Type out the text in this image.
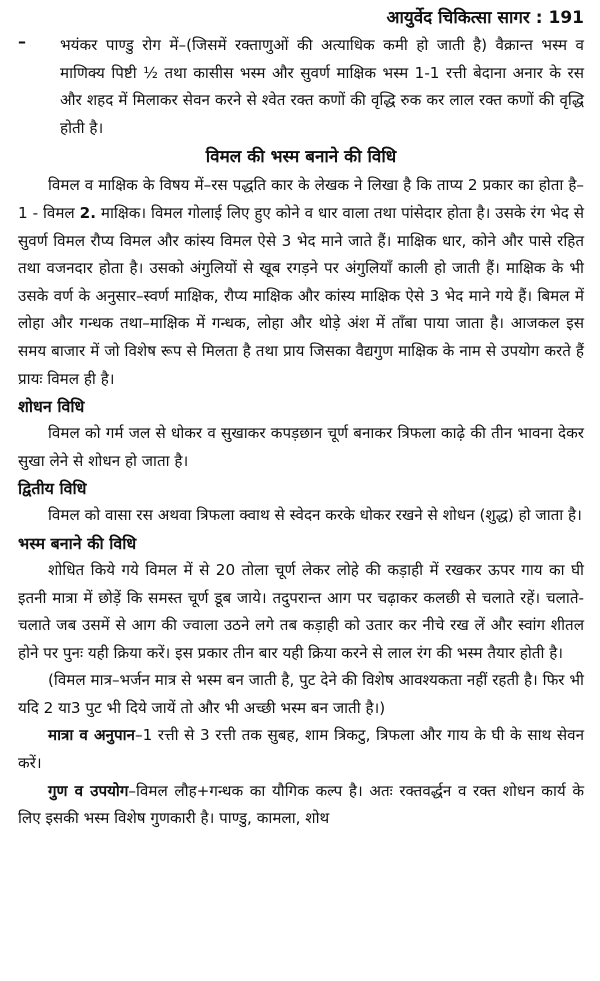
आयुर्वेद चिकित्सा सागर : 191
–	भयंकर पाण्डु रोग में–(जिसमें रक्ताणुओं की अत्याधिक कमी हो जाती है) वैक्रान्त भस्म व माणिक्य पिष्टी ½ तथा कासीस भस्म और सुवर्ण माक्षिक भस्म 1-1 रत्ती बेदाना अनार के रस और शहद में मिलाकर सेवन करने से श्वेत रक्त कणों की वृद्धि रुक कर लाल रक्त कणों की वृद्धि होती है।

विमल की भस्म बनाने की विधि

विमल व माक्षिक के विषय में–रस पद्धति कार के लेखक ने लिखा है कि ताप्य 2 प्रकार का होता है–1 - विमल 2. माक्षिक। विमल गोलाई लिए हुए कोने व धार वाला तथा पांसेदार होता है। उसके रंग भेद से सुवर्ण विमल रौप्य विमल और कांस्य विमल ऐसे 3 भेद माने जाते हैं। माक्षिक धार, कोने और पासे रहित तथा वजनदार होता है। उसको अंगुलियों से खूब रगड़ने पर अंगुलियाँ काली हो जाती हैं। माक्षिक के भी उसके वर्ण के अनुसार–स्वर्ण माक्षिक, रौप्य माक्षिक और कांस्य माक्षिक ऐसे 3 भेद माने गये हैं। बिमल में लोहा और गन्धक तथा–माक्षिक में गन्धक, लोहा और थोड़े अंश में ताँबा पाया जाता है। आजकल इस समय बाजार में जो विशेष रूप से मिलता है तथा प्राय जिसका वैद्यगुण माक्षिक के नाम से उपयोग करते हैं प्रायः विमल ही है।

शोधन विधि

विमल को गर्म जल से धोकर व सुखाकर कपड़छान चूर्ण बनाकर त्रिफला काढ़े की तीन भावना देकर सुखा लेने से शोधन हो जाता है।

द्वितीय विधि

विमल को वासा रस अथवा त्रिफला क्वाथ से स्वेदन करके धोकर रखने से शोधन (शुद्ध) हो जाता है।

भस्म बनाने की विधि

शोधित किये गये विमल में से 20 तोला चूर्ण लेकर लोहे की कड़ाही में रखकर ऊपर गाय का घी इतनी मात्रा में छोड़ें कि समस्त चूर्ण डूब जाये। तदुपरान्त आग पर चढ़ाकर कलछी से चलाते रहें। चलाते-चलाते जब उसमें से आग की ज्वाला उठने लगे तब कड़ाही को उतार कर नीचे रख लें और स्वांग शीतल होने पर पुनः यही क्रिया करें। इस प्रकार तीन बार यही क्रिया करने से लाल रंग की भस्म तैयार होती है।

(विमल मात्र–भर्जन मात्र से भस्म बन जाती है, पुट देने की विशेष आवश्यकता नहीं रहती है। फिर भी यदि 2 या3 पुट भी दिये जायें तो और भी अच्छी भस्म बन जाती है।)

मात्रा व अनुपान–1 रत्ती से 3 रत्ती तक सुबह, शाम त्रिकटु, त्रिफला और गाय के घी के साथ सेवन करें।

गुण व उपयोग–विमल लौह+गन्धक का यौगिक कल्प है। अतः रक्तवर्द्धन व रक्त शोधन कार्य के लिए इसकी भस्म विशेष गुणकारी है। पाण्डु, कामला, शोथ
